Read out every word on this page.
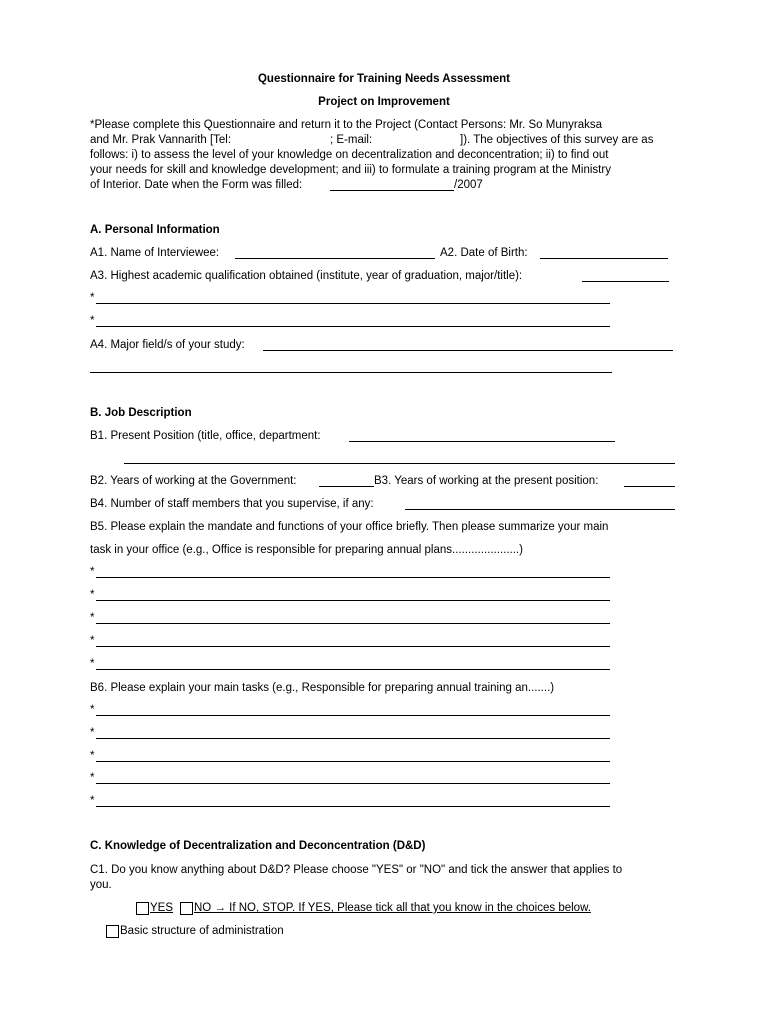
Questionnaire for Training Needs Assessment
Project on Improvement
*Please complete this Questionnaire and return it to the Project (Contact Persons: Mr. So Munyraksa
and Mr. Prak Vannarith [Tel:	; E-mail:	]). The objectives of this survey are as
follows: i) to assess the level of your knowledge on decentralization and deconcentration; ii) to find out
your needs for skill and knowledge development; and iii) to formulate a training program at the Ministry
of Interior. Date when the Form was filled:	/2007
A. Personal Information
A1. Name of Interviewee:	A2. Date of Birth:
A3. Highest academic qualification obtained (institute, year of graduation, major/title):
*
*
A4. Major field/s of your study:
B. Job Description
B1. Present Position (title, office, department:
B2. Years of working at the Government:	B3. Years of working at the present position:
B4. Number of staff members that you supervise, if any:
B5. Please explain the mandate and functions of your office briefly. Then please summarize your main
task in your office (e.g., Office is responsible for preparing annual plans.....................)
*
*
*
*
*
B6. Please explain your main tasks (e.g., Responsible for preparing annual training an.......)
*
*
*
*
*
C. Knowledge of Decentralization and Deconcentration (D&D)
C1. Do you know anything about D&D? Please choose "YES" or "NO" and tick the answer that applies to
you.
YES NO → If NO, STOP. If YES, Please tick all that you know in the choices below.
Basic structure of administration
